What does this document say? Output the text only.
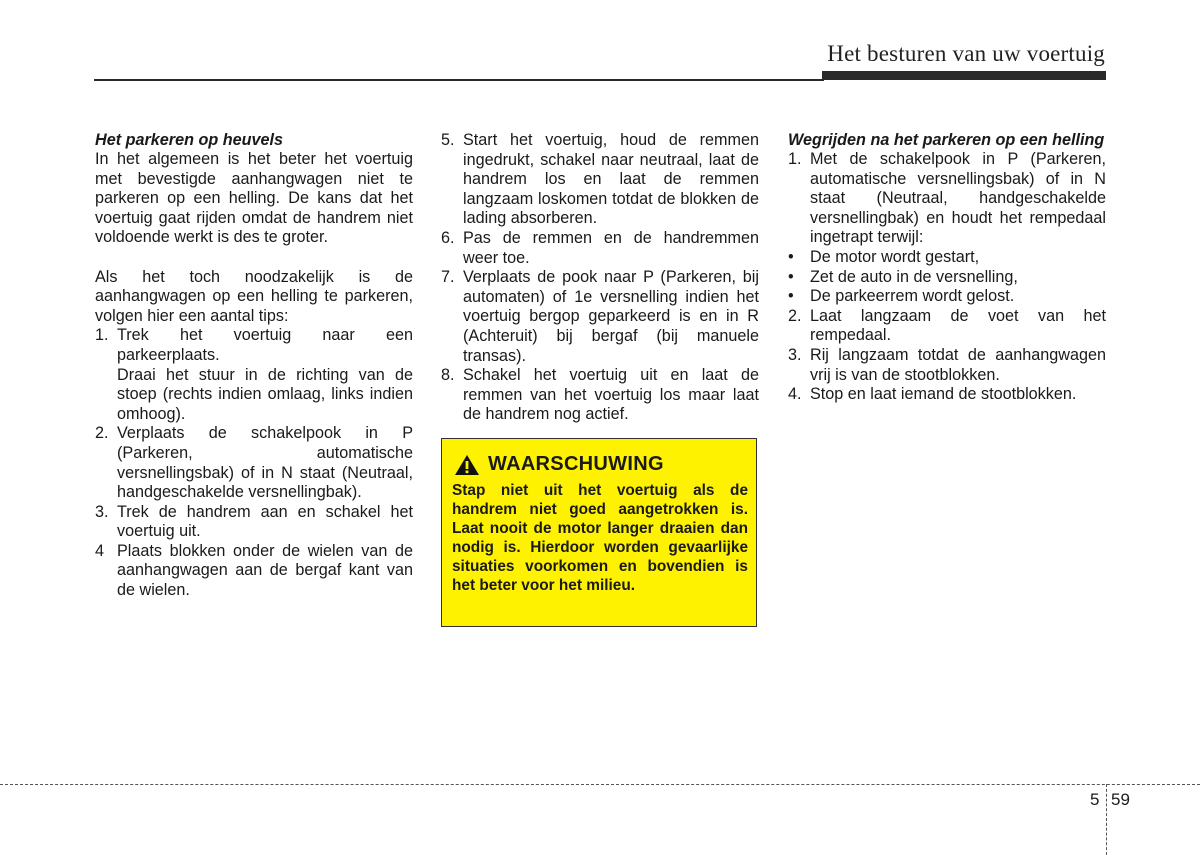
Het besturen van uw voertuig

Het parkeren op heuvels

In het algemeen is het beter het voertuig met bevestigde aanhangwagen niet te parkeren op een helling. De kans dat het voertuig gaat rijden omdat de handrem niet voldoende werkt is des te groter.

Als het toch noodzakelijk is de aanhangwagen op een helling te parkeren, volgen hier een aantal tips:

1. Trek het voertuig naar een parkeerplaats.

Draai het stuur in de richting van de stoep (rechts indien omlaag, links indien omhoog).

2. Verplaats de schakelpook in P (Parkeren, automatische versnellingsbak) of in N staat (Neutraal, handgeschakelde versnellingbak).
3. Trek de handrem aan en schakel het voertuig uit.
4 Plaats blokken onder de wielen van de aanhangwagen aan de bergaf kant van de wielen.
5. Start het voertuig, houd de remmen ingedrukt, schakel naar neutraal, laat de handrem los en laat de remmen langzaam loskomen totdat de blokken de lading absorberen.
6. Pas de remmen en de handremmen weer toe.
7. Verplaats de pook naar P (Parkeren, bij automaten) of 1e versnelling indien het voertuig bergop geparkeerd is en in R (Achteruit) bij bergaf (bij manuele transas).
8. Schakel het voertuig uit en laat de remmen van het voertuig los maar laat de handrem nog actief.
WAARSCHUWING
Stap niet uit het voertuig als de handrem niet goed aangetrokken is. Laat nooit de motor langer draaien dan nodig is. Hierdoor worden gevaarlijke situaties voorkomen en bovendien is het beter voor het milieu.

Wegrijden na het parkeren op een helling

1. Met de schakelpook in P (Parkeren, automatische versnellingsbak) of in N staat (Neutraal, handgeschakelde versnellingbak) en houdt het rempedaal ingetrapt terwijl:
•	De motor wordt gestart,
•	Zet de auto in de versnelling,
•	De parkeerrem wordt gelost.
2. Laat langzaam de voet van het rempedaal.
3. Rij langzaam totdat de aanhangwagen vrij is van de stootblokken.
4. Stop en laat iemand de stootblokken.
5 59
